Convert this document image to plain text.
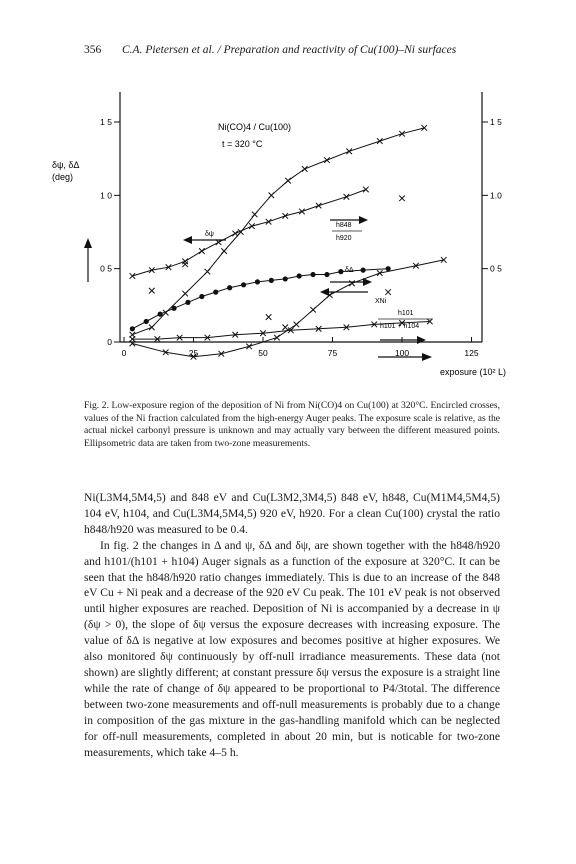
356 C.A. Pietersen et al. / Preparation and reactivity of Cu(100)–Ni surfaces
0
0 5
1 0
1 5
0 5
1.0
1 5
0	25	50	75	100	125
Ni(CO)4 / Cu(100)
t = 320 °C
δψ, δΔ
(deg)
exposure (10² L)
δψ
h848
h920
δΔ
XNi
h101
h101 + h104
Fig. 2. Low-exposure region of the deposition of Ni from Ni(CO)4 on Cu(100) at 320°C. Encircled crosses, values of the Ni fraction calculated from the high-energy Auger peaks. The exposure scale is relative, as the actual nickel carbonyl pressure is unknown and may actually vary between the different measured points. Ellipsometric data are taken from two-zone measurements.

Ni(L3M4,5M4,5) and 848 eV and Cu(L3M2,3M4,5) 848 eV, h848, Cu(M1M4,5M4,5) 104 eV, h104, and Cu(L3M4,5M4,5) 920 eV, h920. For a clean Cu(100) crystal the ratio h848/h920 was measured to be 0.4.

In fig. 2 the changes in Δ and ψ, δΔ and δψ, are shown together with the h848/h920 and h101/(h101 + h104) Auger signals as a function of the exposure at 320°C. It can be seen that the h848/h920 ratio changes immediately. This is due to an increase of the 848 eV Cu + Ni peak and a decrease of the 920 eV Cu peak. The 101 eV peak is not observed until higher exposures are reached. Deposition of Ni is accompanied by a decrease in ψ (δψ > 0), the slope of δψ versus the exposure decreases with increasing exposure. The value of δΔ is negative at low exposures and becomes positive at higher exposures. We also monitored δψ continuously by off-null irradiance measurements. These data (not shown) are slightly different; at constant pressure δψ versus the exposure is a straight line while the rate of change of δψ appeared to be proportional to P4/3total. The difference between two-zone measurements and off-null measurements is probably due to a change in composition of the gas mixture in the gas-handling manifold which can be neglected for off-null measurements, completed in about 20 min, but is noticable for two-zone measurements, which take 4–5 h.
